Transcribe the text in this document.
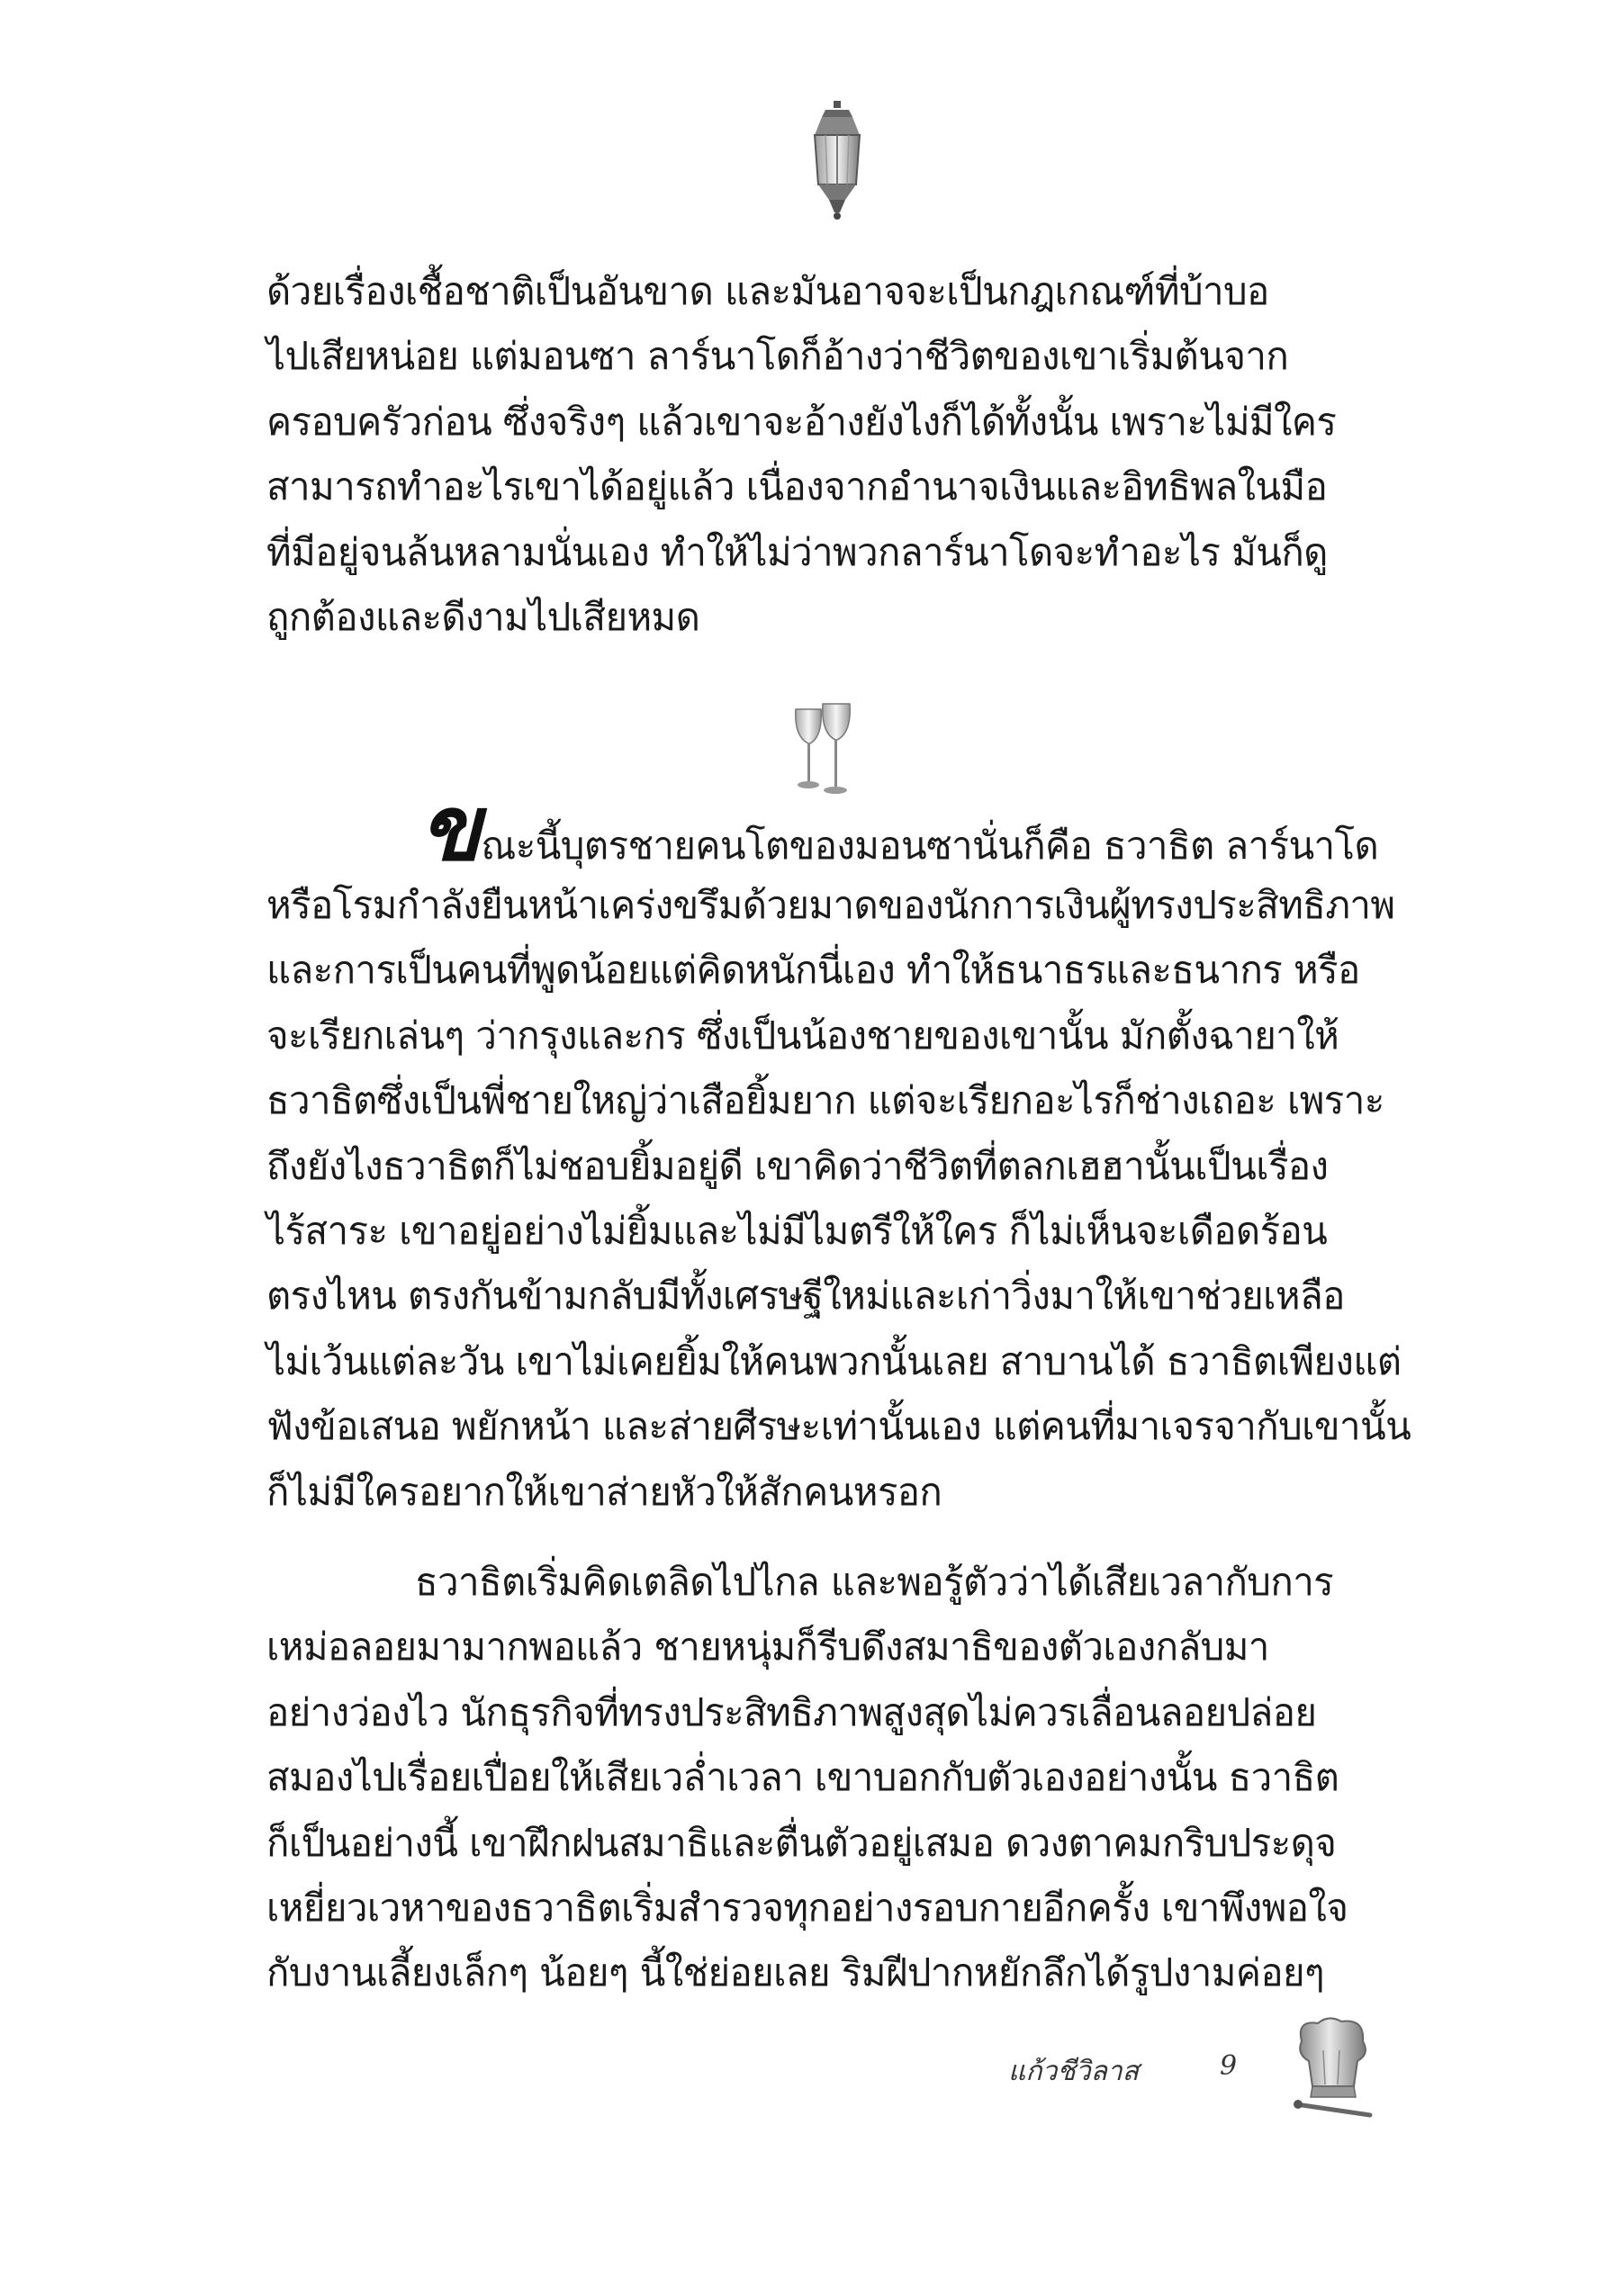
ด้วยเรื่องเชื้อชาติเป็นอันขาด และมันอาจจะเป็นกฎเกณฑ์ที่บ้าบอ
ไปเสียหน่อย แต่มอนซา ลาร์นาโดก็อ้างว่าชีวิตของเขาเริ่มต้นจาก
ครอบครัวก่อน ซึ่งจริงๆ แล้วเขาจะอ้างยังไงก็ได้ทั้งนั้น เพราะไม่มีใคร
สามารถทำอะไรเขาได้อยู่แล้ว เนื่องจากอำนาจเงินและอิทธิพลในมือ
ที่มีอยู่จนล้นหลามนั่นเอง ทำให้ไม่ว่าพวกลาร์นาโดจะทำอะไร มันก็ดู
ถูกต้องและดีงามไปเสียหมด
ขณะนี้บุตรชายคนโตของมอนซานั่นก็คือ ธวาธิต ลาร์นาโด
หรือโรมกำลังยืนหน้าเคร่งขรึมด้วยมาดของนักการเงินผู้ทรงประสิทธิภาพ
และการเป็นคนที่พูดน้อยแต่คิดหนักนี่เอง ทำให้ธนาธรและธนากร หรือ
จะเรียกเล่นๆ ว่ากรุงและกร ซึ่งเป็นน้องชายของเขานั้น มักตั้งฉายาให้
ธวาธิตซึ่งเป็นพี่ชายใหญ่ว่าเสือยิ้มยาก แต่จะเรียกอะไรก็ช่างเถอะ เพราะ
ถึงยังไงธวาธิตก็ไม่ชอบยิ้มอยู่ดี เขาคิดว่าชีวิตที่ตลกเฮฮานั้นเป็นเรื่อง
ไร้สาระ เขาอยู่อย่างไม่ยิ้มและไม่มีไมตรีให้ใคร ก็ไม่เห็นจะเดือดร้อน
ตรงไหน ตรงกันข้ามกลับมีทั้งเศรษฐีใหม่และเก่าวิ่งมาให้เขาช่วยเหลือ
ไม่เว้นแต่ละวัน เขาไม่เคยยิ้มให้คนพวกนั้นเลย สาบานได้ ธวาธิตเพียงแต่
ฟังข้อเสนอ พยักหน้า และส่ายศีรษะเท่านั้นเอง แต่คนที่มาเจรจากับเขานั้น
ก็ไม่มีใครอยากให้เขาส่ายหัวให้สักคนหรอก
ธวาธิตเริ่มคิดเตลิดไปไกล และพอรู้ตัวว่าได้เสียเวลากับการ
เหม่อลอยมามากพอแล้ว ชายหนุ่มก็รีบดึงสมาธิของตัวเองกลับมา
อย่างว่องไว นักธุรกิจที่ทรงประสิทธิภาพสูงสุดไม่ควรเลื่อนลอยปล่อย
สมองไปเรื่อยเปื่อยให้เสียเวล่ำเวลา เขาบอกกับตัวเองอย่างนั้น ธวาธิต
ก็เป็นอย่างนี้ เขาฝึกฝนสมาธิและตื่นตัวอยู่เสมอ ดวงตาคมกริบประดุจ
เหยี่ยวเวหาของธวาธิตเริ่มสำรวจทุกอย่างรอบกายอีกครั้ง เขาพึงพอใจ
กับงานเลี้ยงเล็กๆ น้อยๆ นี้ใช่ย่อยเลย ริมฝีปากหยักลึกได้รูปงามค่อยๆ
แก้วชีวิลาส	9
